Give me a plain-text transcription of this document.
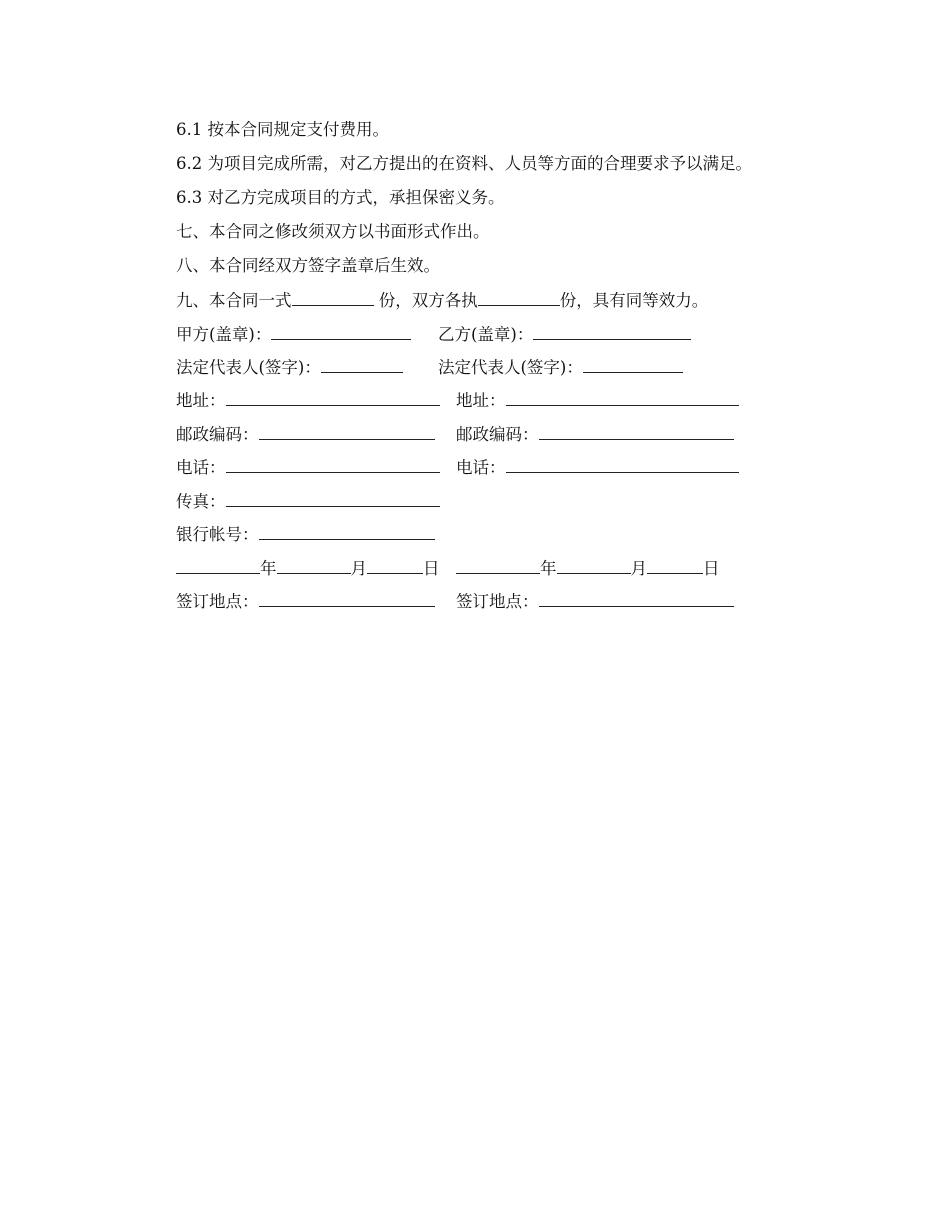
6.1 按本合同规定支付费用。
6.2 为项目完成所需，对乙方提出的在资料、人员等方面的合理要求予以满足。
6.3 对乙方完成项目的方式，承担保密义务。
七、本合同之修改须双方以书面形式作出。
八、本合同经双方签字盖章后生效。
九、本合同一式	份，双方各执	份，具有同等效力。
甲方(盖章)：	乙方(盖章)：
法定代表人(签字)：	法定代表人(签字)：
地址：	地址：
邮政编码：	邮政编码：
电话：	电话：
传真：
银行帐号：
年	月	日	年	月	日
签订地点：	签订地点：
